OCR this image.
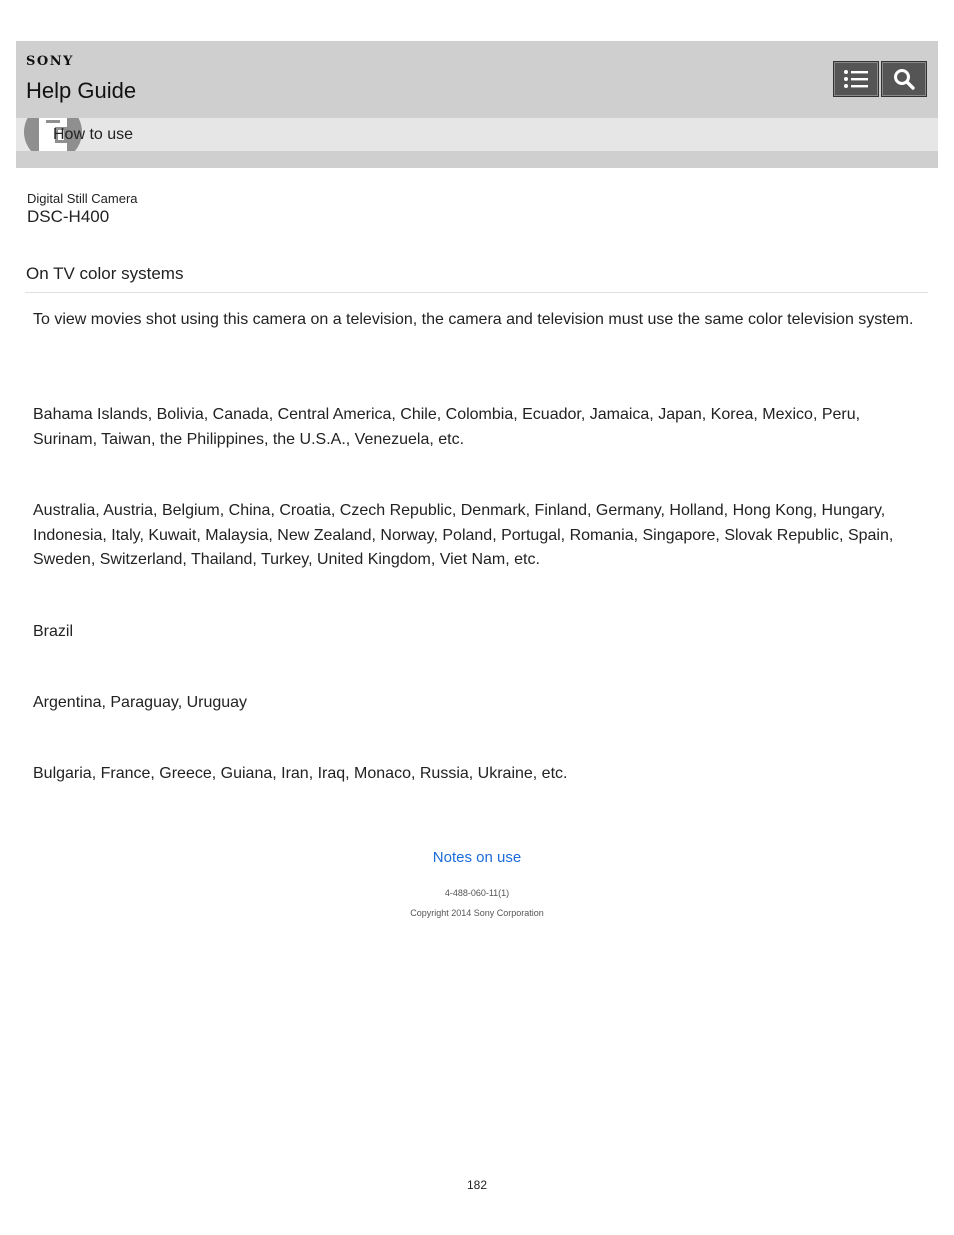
SONY
Help Guide
How to use
Digital Still Camera
DSC-H400
On TV color systems
To view movies shot using this camera on a television, the camera and television must use the same color television system.
Bahama Islands, Bolivia, Canada, Central America, Chile, Colombia, Ecuador, Jamaica, Japan, Korea, Mexico, Peru, Surinam, Taiwan, the Philippines, the U.S.A., Venezuela, etc.
Australia, Austria, Belgium, China, Croatia, Czech Republic, Denmark, Finland, Germany, Holland, Hong Kong, Hungary, Indonesia, Italy, Kuwait, Malaysia, New Zealand, Norway, Poland, Portugal, Romania, Singapore, Slovak Republic, Spain, Sweden, Switzerland, Thailand, Turkey, United Kingdom, Viet Nam, etc.
Brazil
Argentina, Paraguay, Uruguay
Bulgaria, France, Greece, Guiana, Iran, Iraq, Monaco, Russia, Ukraine, etc.
Notes on use
4-488-060-11(1)
Copyright 2014 Sony Corporation
182
